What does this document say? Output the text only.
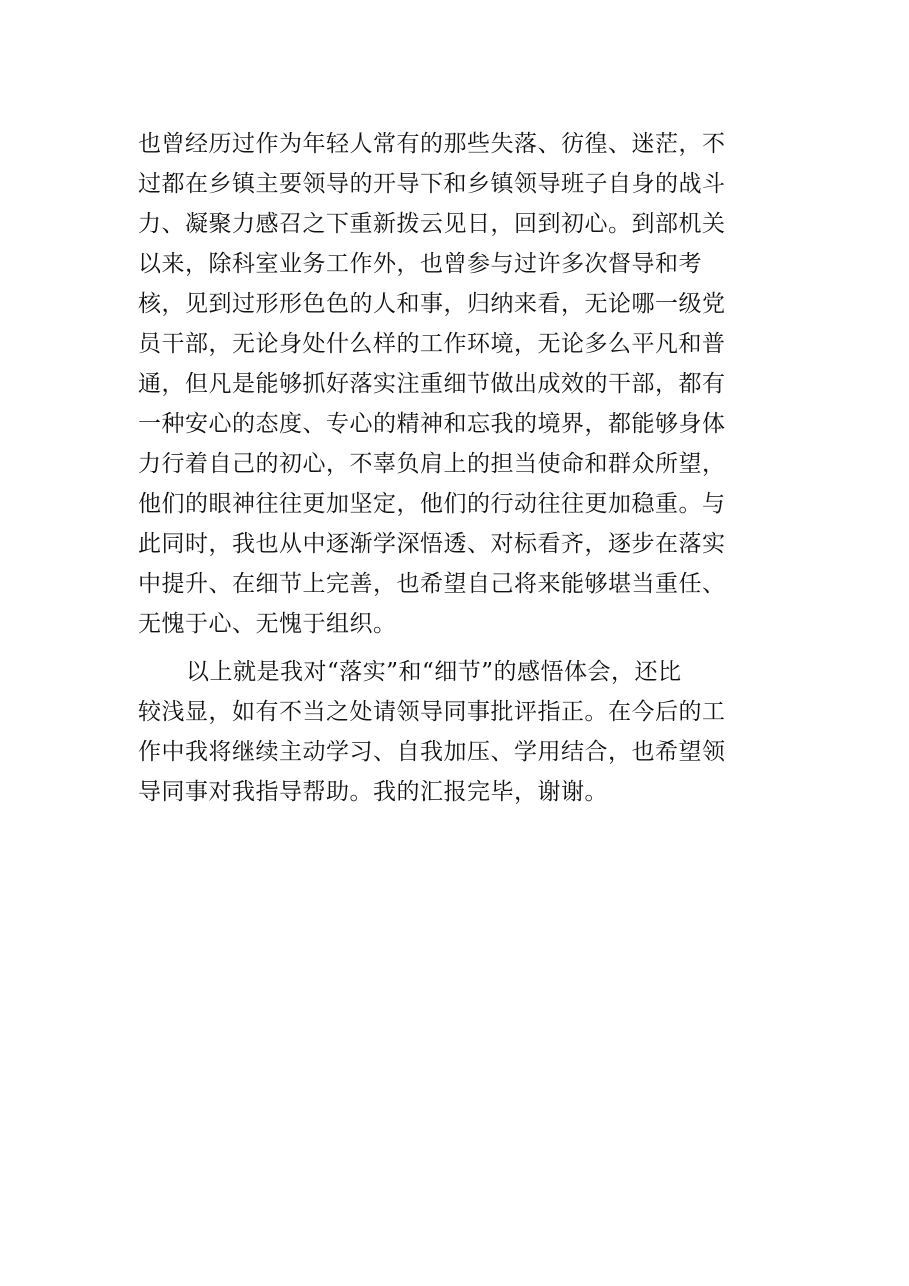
也曾经历过作为年轻人常有的那些失落、彷徨、迷茫，不
过都在乡镇主要领导的开导下和乡镇领导班子自身的战斗
力、凝聚力感召之下重新拨云见日，回到初心。到部机关
以来，除科室业务工作外，也曾参与过许多次督导和考
核，见到过形形色色的人和事，归纳来看，无论哪一级党
员干部，无论身处什么样的工作环境，无论多么平凡和普
通，但凡是能够抓好落实注重细节做出成效的干部，都有
一种安心的态度、专心的精神和忘我的境界，都能够身体
力行着自己的初心，不辜负肩上的担当使命和群众所望，
他们的眼神往往更加坚定，他们的行动往往更加稳重。与
此同时，我也从中逐渐学深悟透、对标看齐，逐步在落实
中提升、在细节上完善，也希望自己将来能够堪当重任、
无愧于心、无愧于组织。
以上就是我对“落实”和“细节”的感悟体会，还比
较浅显，如有不当之处请领导同事批评指正。在今后的工
作中我将继续主动学习、自我加压、学用结合，也希望领
导同事对我指导帮助。我的汇报完毕，谢谢。
